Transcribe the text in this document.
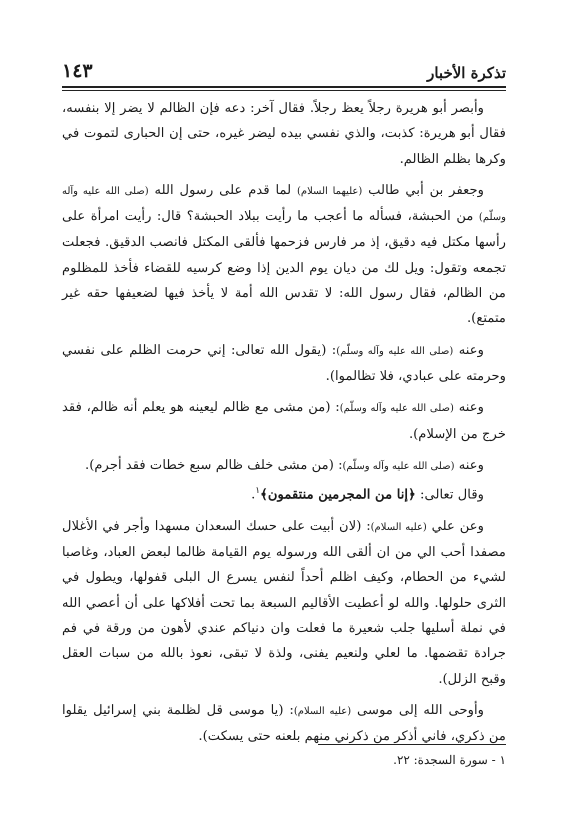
تذكرة الأخبار
١٤٣

وأبصر أبو هريرة رجلاً يعظ رجلاً. فقال آخر: دعه فإن الظالم لا يضر إلا بنفسه، فقال أبو هريرة: كذبت، والذي نفسي بيده ليضر غيره، حتى إن الحبارى لتموت في وكرها بظلم الظالم.

وجعفر بن أبي طالب (عليهما السلام) لما قدم على رسول الله (صلى الله عليه وآله وسلّم) من الحبشة، فسأله ما أعجب ما رأيت ببلاد الحبشة؟ قال: رأيت امرأة على رأسها مكتل فيه دقيق، إذ مر فارس فزحمها فألقى المكتل فانصب الدقيق. فجعلت تجمعه وتقول: ويل لك من ديان يوم الدين إذا وضع كرسيه للقضاء فأخذ للمظلوم من الظالم، فقال رسول الله: لا تقدس الله أمة لا يأخذ فيها لضعيفها حقه غير متمتع).

وعنه (صلى الله عليه وآله وسلّم): (يقول الله تعالى: إني حرمت الظلم على نفسي وحرمته على عبادي، فلا تظالموا).

وعنه (صلى الله عليه وآله وسلّم): (من مشى مع ظالم ليعينه هو يعلم أنه ظالم، فقد خرج من الإسلام).

وعنه (صلى الله عليه وآله وسلّم): (من مشى خلف ظالم سبع خطات فقد أجرم).

وقال تعالى: ﴿إنا من المجرمين منتقمون﴾$^١$.

وعن علي (عليه السلام): (لان أبيت على حسك السعدان مسهدا وأجر في الأغلال مصفدا أحب الي من ان ألقى الله ورسوله يوم القيامة ظالما لبعض العباد، وغاصبا لشيء من الحطام، وكيف اظلم أحداً لنفس يسرع ال البلى قفولها، ويطول في الثرى حلولها. والله لو أعطيت الأقاليم السبعة بما تحت أفلاكها على أن أعصي الله في نملة أسليها جلب شعيرة ما فعلت وان دنياكم عندي لأهون من ورقة في فم جرادة تقضمها. ما لعلي ولنعيم يفنى، ولذة لا تبقى، نعوذ بالله من سبات العقل وقبح الزلل).

وأوحى الله إلى موسى (عليه السلام): (يا موسى قل لظلمة بني إسرائيل يقلوا من ذكري، فاني أذكر من ذكرني منهم بلعنه حتى يسكت).

١ - سورة السجدة: ٢٢.
